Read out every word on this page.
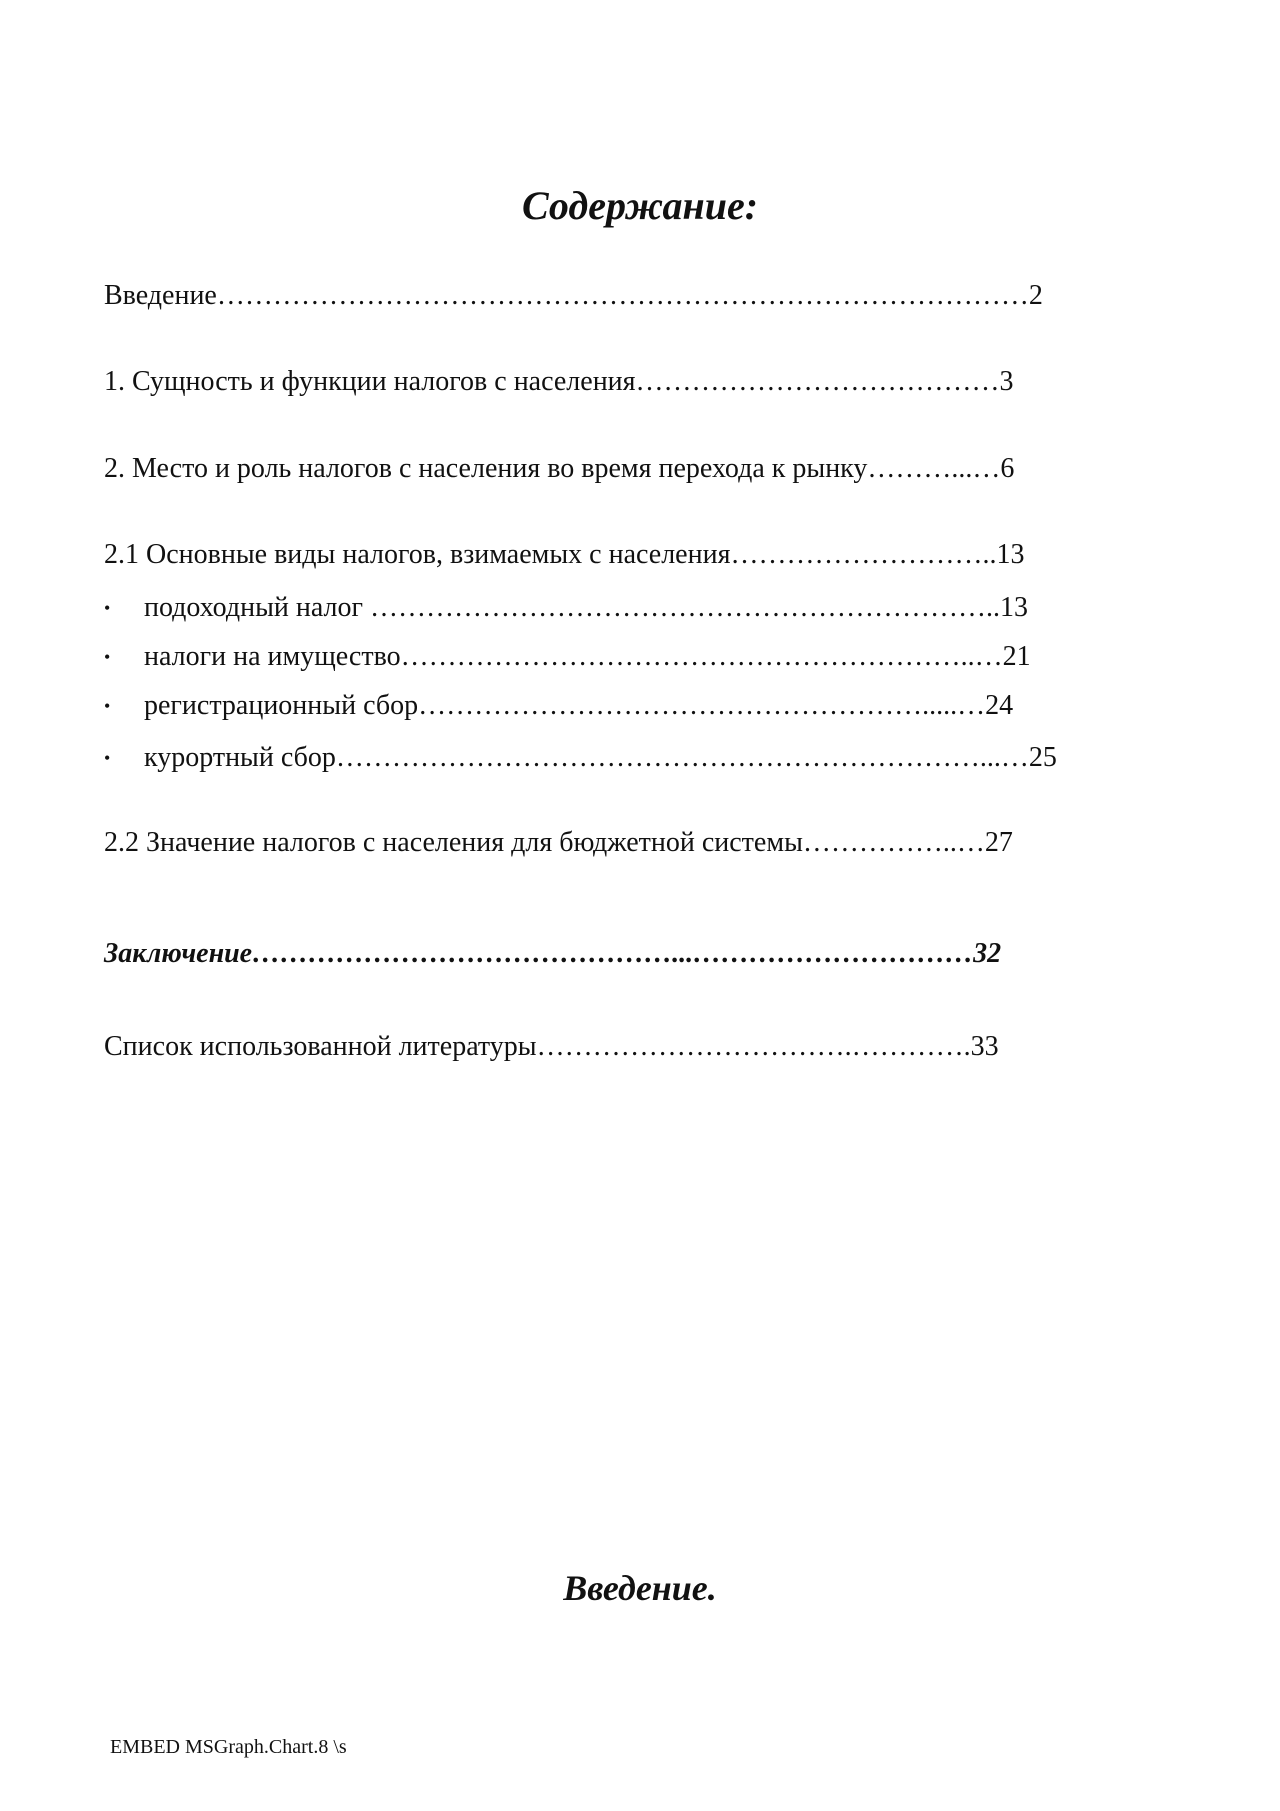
Содержание:
Введение……………………………………………………………………………2
1. Сущность и функции налогов с населения…………………………………3
2. Место и роль налогов с населения во время перехода к рынку………...…6
2.1 Основные виды налогов, взимаемых с населения………………………..13
• подоходный налог …………………………………………………………..13
• налоги на имущество……………………………………………………..…21
• регистрационный сбор……………………………………………….....…24
• курортный сбор……………………………………………………………...…25
2.2 Значение налогов с населения для бюджетной системы……………..…27
Заключение………………………………………...…………………………32
Список использованной литературы…………………………….………….33
Введение.
EMBED MSGraph.Chart.8 \s
